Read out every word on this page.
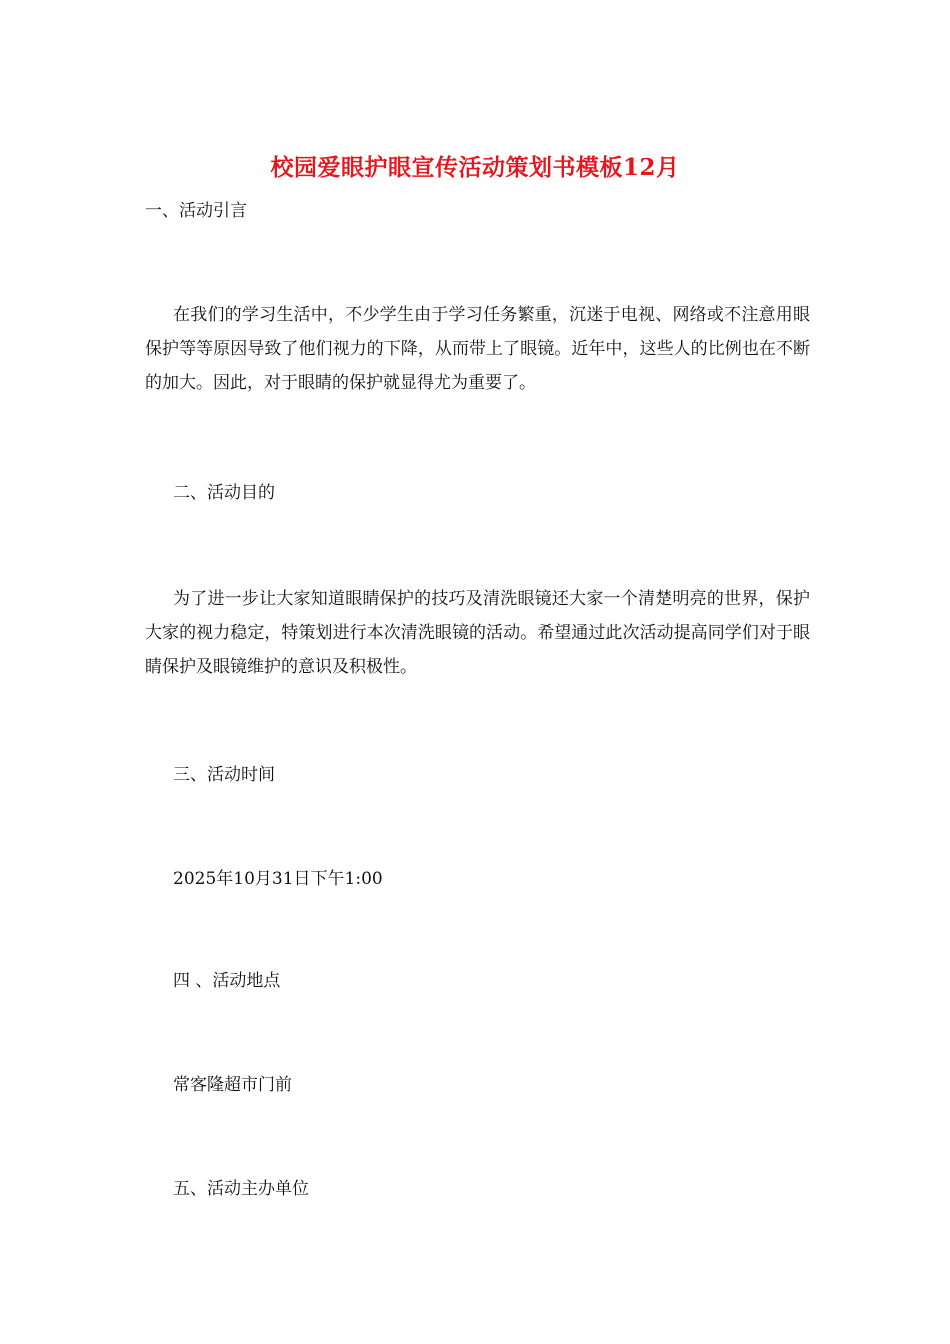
校园爱眼护眼宣传活动策划书模板12月
一、活动引言
在我们的学习生活中，不少学生由于学习任务繁重，沉迷于电视、网络或不注意用眼保护等等原因导致了他们视力的下降，从而带上了眼镜。近年中，这些人的比例也在不断的加大。因此，对于眼睛的保护就显得尤为重要了。
二、活动目的
为了进一步让大家知道眼睛保护的技巧及清洗眼镜还大家一个清楚明亮的世界，保护大家的视力稳定，特策划进行本次清洗眼镜的活动。希望通过此次活动提高同学们对于眼睛保护及眼镜维护的意识及积极性。
三、活动时间
2025年10月31日下午1:00
四 、活动地点
常客隆超市门前
五、活动主办单位
